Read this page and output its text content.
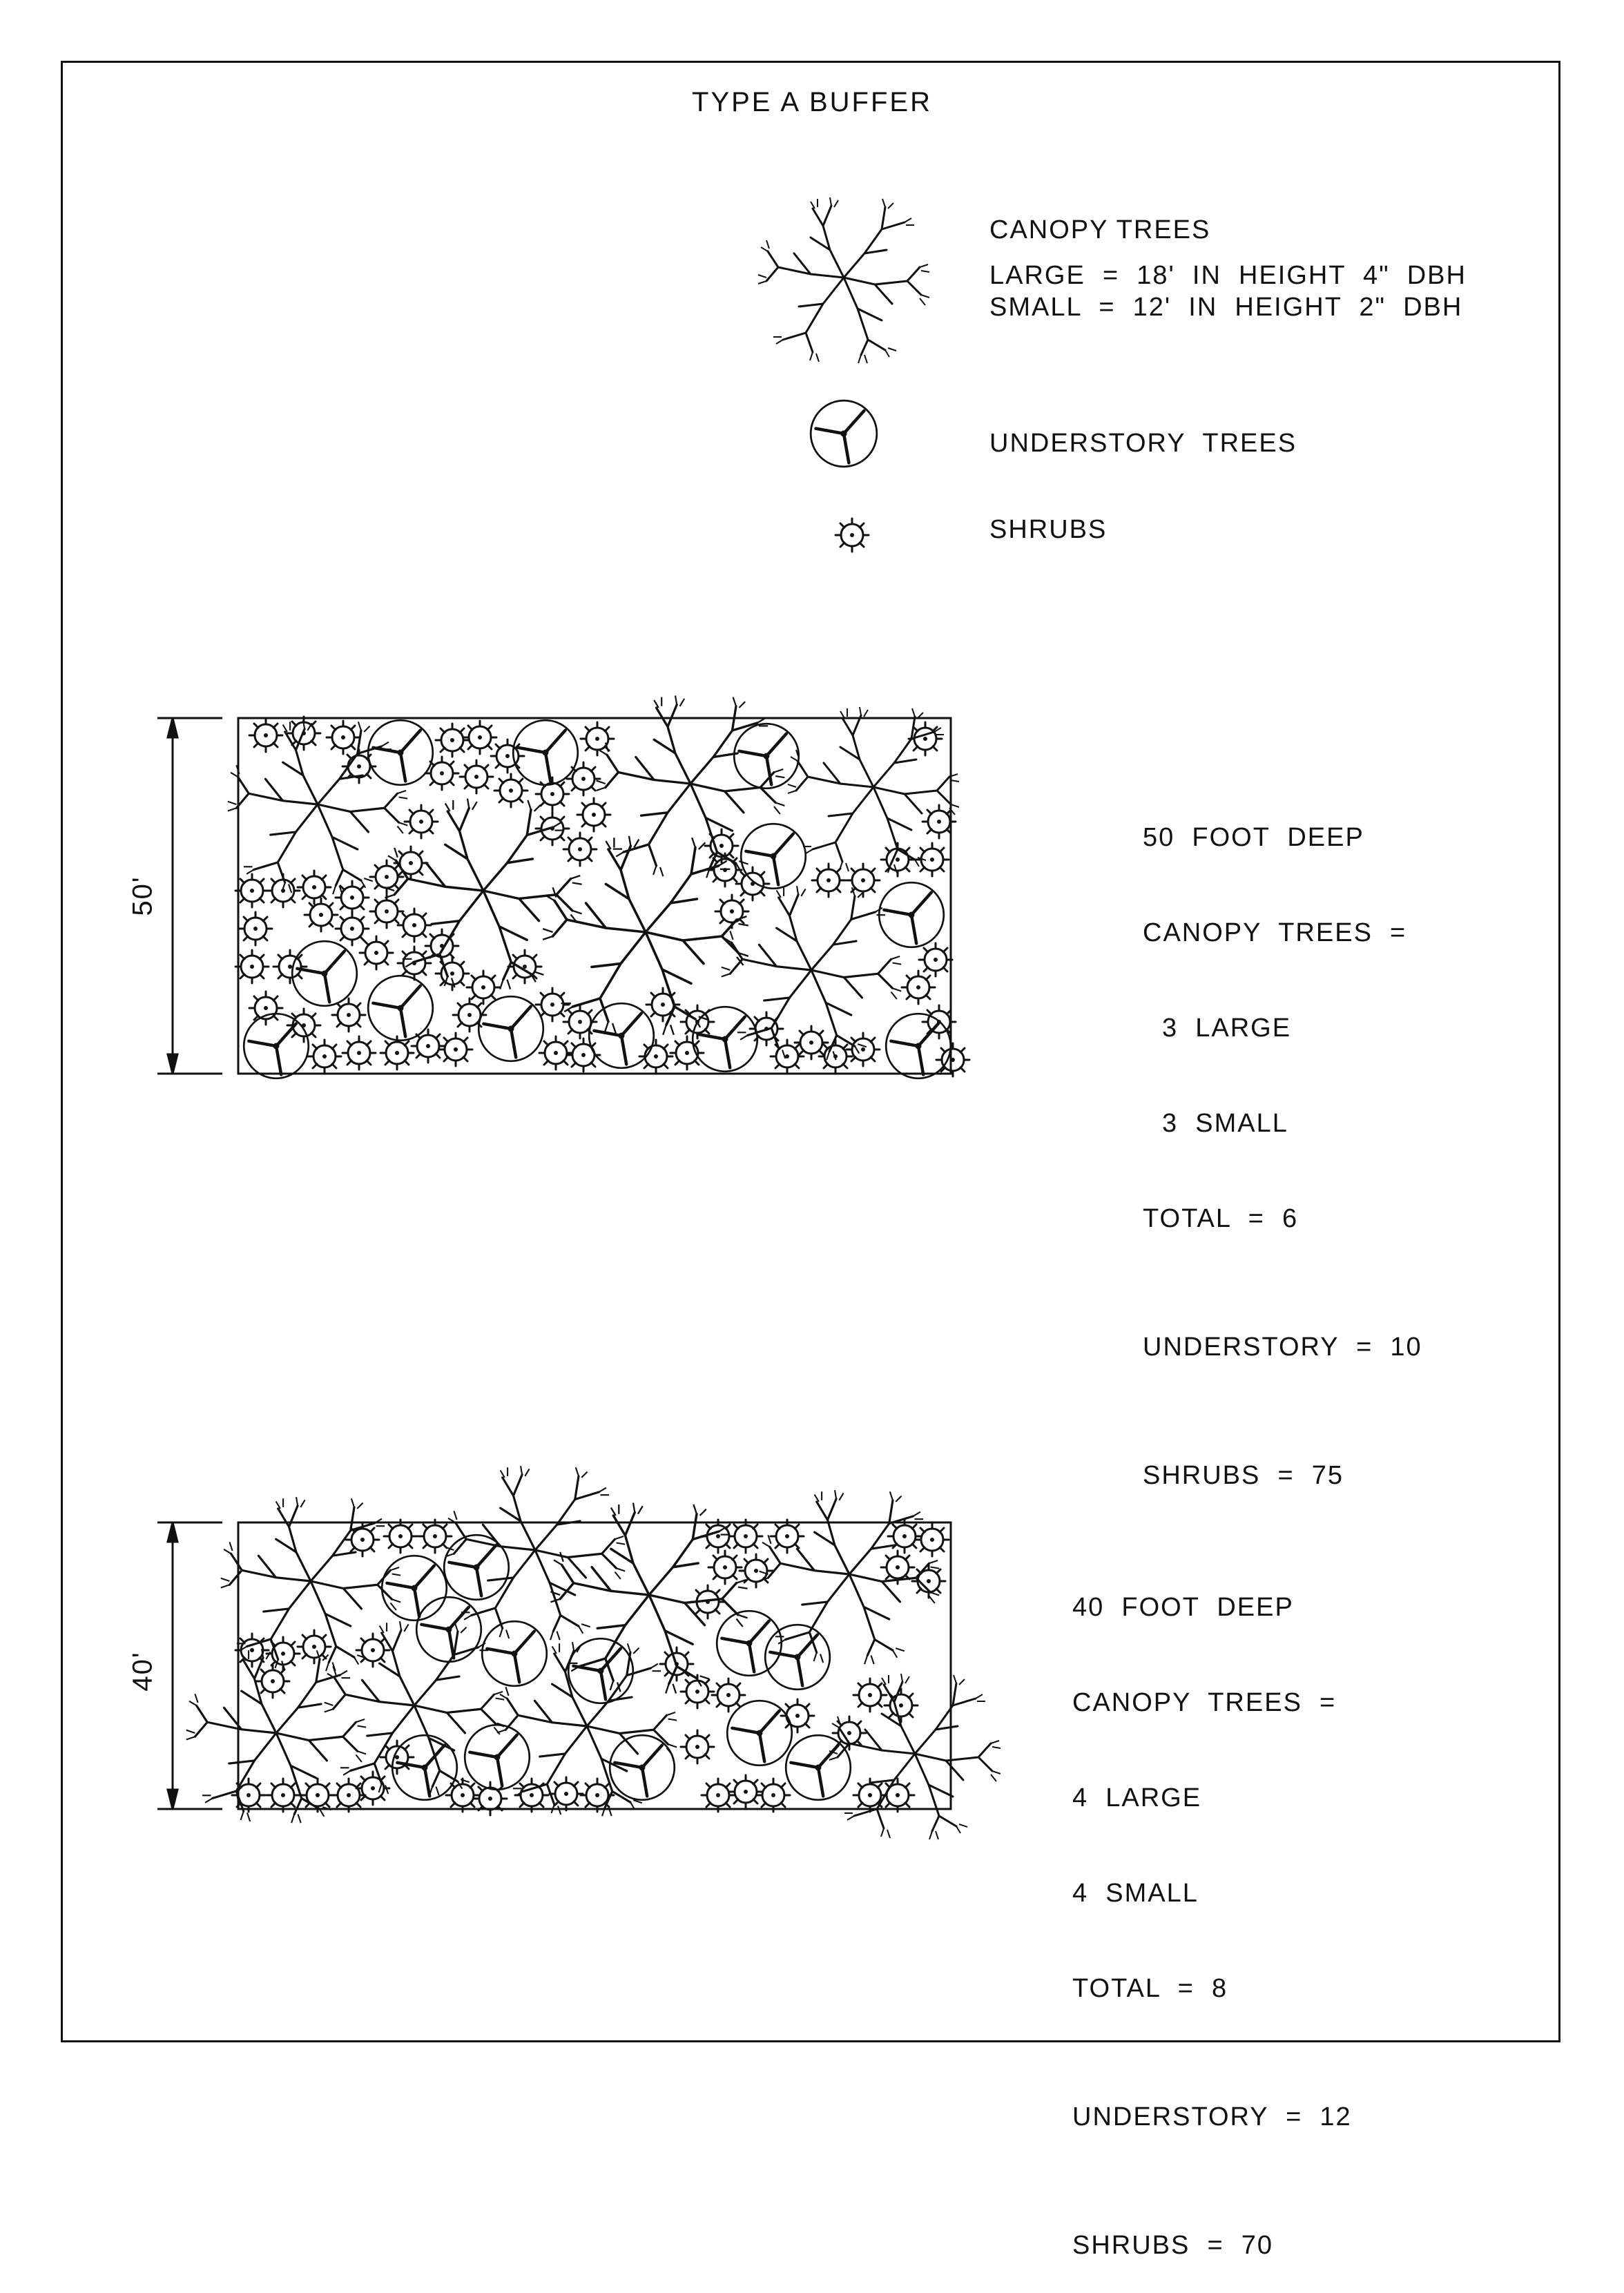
TYPE A BUFFER
CANOPY TREES
LARGE  =  18'  IN  HEIGHT  4"  DBH
SMALL  =  12'  IN  HEIGHT  2"  DBH
UNDERSTORY  TREES
SHRUBS
50'

50  FOOT  DEEP

CANOPY  TREES  =

3  LARGE

3  SMALL

TOTAL  =  6

UNDERSTORY  =  10

SHRUBS  =  75

40'

40  FOOT  DEEP

CANOPY  TREES  =

4  LARGE

4  SMALL

TOTAL  =  8

UNDERSTORY  =  12

SHRUBS  =  70
